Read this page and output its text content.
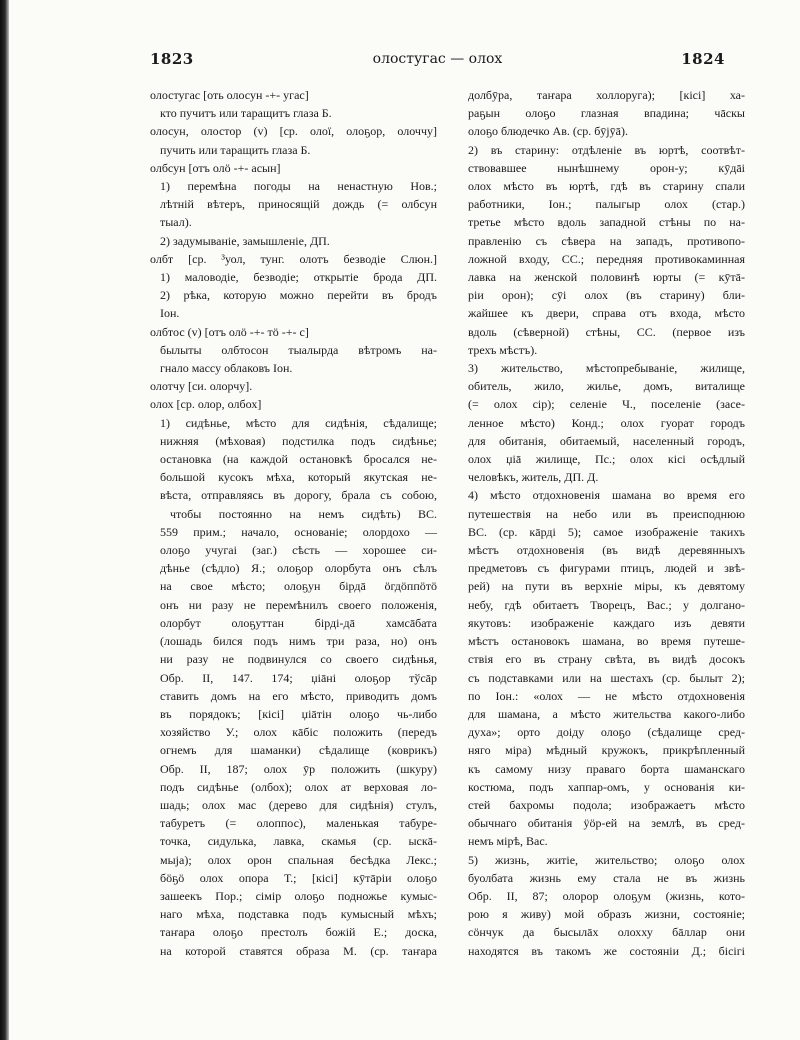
1823	олостугас — олох	1824
олостугас [оть олосун -+- угас]
кто пучитъ или таращитъ глаза Б.
олосун, олостор (v) [ср. олої, олоҕор, олоччу]
пучить или таращить глаза Б.
олбсун [отъ олӧ -+- асын]
1) перемѣна погоды на ненастную Нов.;
лѣтній вѣтеръ, приносящій дождь (= олбсун
тыал).
2) задумываніе, замышленіе, ДП.
олбт [ср. ³уол, тунг. олотъ безводіе Слюн.]
1) маловодіе, безводіе; открытіе брода ДП.
2) рѣка, которую можно перейти въ бродъ
Іон.
олбтос (v) [отъ олӧ -+- тӧ -+- с]
былыты олбтосон тыалырда вѣтромъ на-
гнало массу облаковъ Іон.
олотчу [си. олорчу].
олох [ср. олор, олбох]
1) сидѣнье, мѣсто для сидѣнія, сѣдалище;
нижняя (мѣховая) подстилка подъ сидѣнье;
остановка (на каждой остановкѣ бросался не-
большой кусокъ мѣха, который якутская не-
вѣста, отправляясь въ дорогу, брала съ собою,
чтобы постоянно на немъ сидѣть) ВС.
559 прим.; начало, основаніе; олордохо —
олоҕо учугаі (заг.) сѣсть — хорошее си-
дѣнье (сѣдло) Я.; олоҕор олорбута онъ сѣлъ
на свое мѣсто; олоҕун бірдā ӧгдӧппӧтӧ
онъ ни разу не перемѣнилъ своего положенія,
олорбут олоҕуттан бірді-дā хамсāбата
(лошадь бился подъ нимъ три раза, но) онъ
ни разу не подвинулся со своего сидѣнья,
Обр. II, 147. 174; џіāні олоҕор тўсāр
ставить домъ на его мѣсто, приводить домъ
въ порядокъ; [кісі] џіāтін олоҕо чь-либо
хозяйство У.; олох кāбіс положить (передъ
огнемъ для шаманки) сѣдалище (коврикъ)
Обр. II, 187; олох ӯр положить (шкуру)
подъ сидѣнье (олбох); олох ат верховая ло-
шадь; олох мас (дерево для сидѣнія) стулъ,
табуретъ (= олоппос), маленькая табуре-
точка, сидулька, лавка, скамья (ср. ыскā-
мыја); олох орон спальная бесѣдка Лекс.;
бӧҕӧ олох опора Т.; [кісі] кӯтāріи олоҕо
зашеекъ Пор.; сімір олоҕо подножье кумыс-
наго мѣха, подставка подъ кумысный мѣхъ;
таҥара олоҕо престолъ божій Е.; доска,
на которой ставятся образа М. (ср. таҥара
долбӯра, таҥара холлоруга); [кісі] ха-
раҕын олоҕо глазная впадина; чāскы
олоҕо блюдечко Ав. (ср. бӯјӯā).
2) въ старину: отдѣленіе въ юртѣ, соотвѣт-
ствовавшее нынѣшнему орон-у; кӯдāі
олох мѣсто въ юртѣ, гдѣ въ старину спали
работники, Іон.; палыгыр олох (стар.)
третье мѣсто вдоль западной стѣны по на-
правленію съ сѣвера на западъ, противопо-
ложной входу, СС.; передняя противокаминная
лавка на женской половинѣ юрты (= кӯтā-
ріи орон); сӯі олох (въ старину) бли-
жайшее къ двери, справа отъ входа, мѣсто
вдоль (сѣверной) стѣны, СС. (первое изъ
трехъ мѣстъ).
3) жительство, мѣстопребываніе, жилище,
обитель, жило, жилье, домъ, виталище
(= олох сір); селеніе Ч., поселеніе (засе-
ленное мѣсто) Конд.; олох гуорат городъ
для обитанія, обитаемый, населенный городъ,
олох џіā жилище, Пс.; олох кісі осѣдлый
человѣкъ, житель, ДП. Д.
4) мѣсто отдохновенія шамана во время его
путешествія на небо или въ преисподнюю
ВС. (ср. кāрді 5); самое изображеніе такихъ
мѣстъ отдохновенія (въ видѣ деревянныхъ
предметовъ съ фигурами птицъ, людей и звѣ-
рей) на пути въ верхніе міры, къ девятому
небу, гдѣ обитаетъ Творецъ, Вас.; у долгано-
якутовъ: изображеніе каждаго изъ девяти
мѣстъ остановокъ шамана, во время путеше-
ствія его въ страну свѣта, въ видѣ досокъ
съ подставками или на шестахъ (ср. былыт 2);
по Іон.: «олох — не мѣсто отдохновенія
для шамана, а мѣсто жительства какого-либо
духа»; орто доіду олоҕо (сѣдалище сред-
няго міра) мѣдный кружокъ, прикрѣпленный
къ самому низу праваго борта шаманскаго
костюма, подъ хаппар-омъ, у основанія ки-
стей бахромы подола; изображаетъ мѣсто
обычнаго обитанія ӱӧр-ей на землѣ, въ сред-
немъ мірѣ, Вас.
5) жизнь, житіе, жительство; олоҕо олох
буолбата жизнь ему стала не въ жизнь
Обр. II, 87; олорор олоҕум (жизнь, кото-
рою я живу) мой образъ жизни, состояніе;
сӧнчук да бысылāх олохху бāллар они
находятся въ такомъ же состояніи Д.; бісігі
